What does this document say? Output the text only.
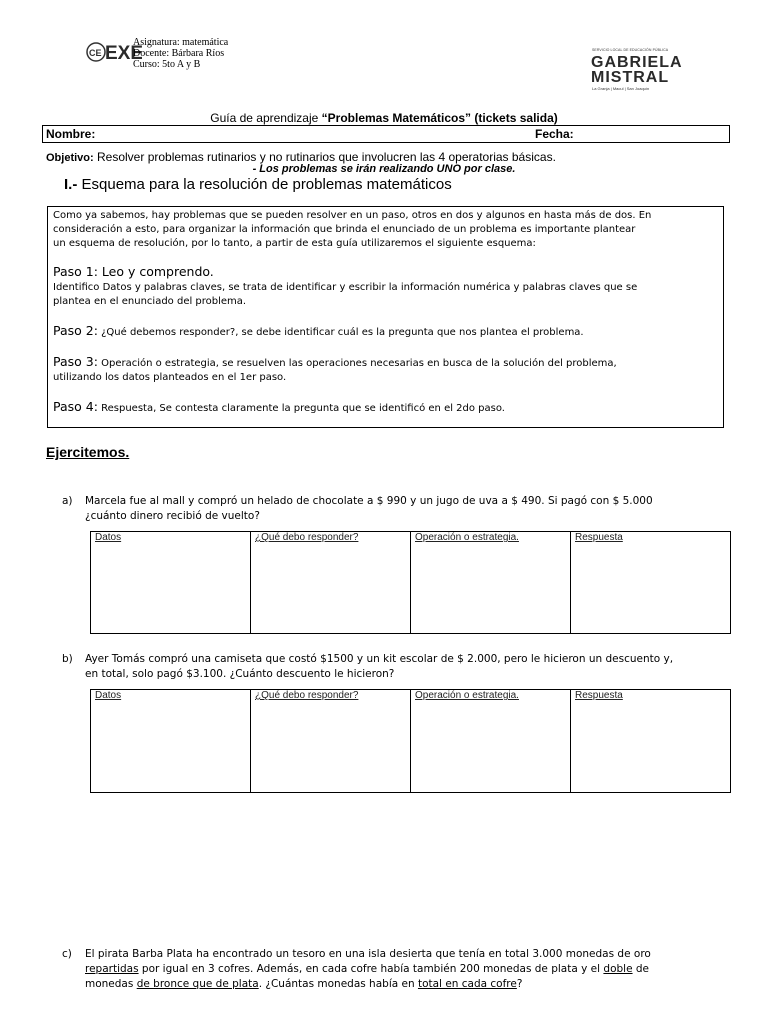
CE EXE
Asignatura: matemática
Docente: Bárbara Ríos
Curso: 5to A y B
SERVICIO LOCAL DE EDUCACIÓN PÚBLICA
GABRIELA
MISTRAL
La Granja | Macul | San Joaquín
Guía de aprendizaje “Problemas Matemáticos” (tickets salida)
Nombre:	Fecha:
Objetivo: Resolver problemas rutinarios y no rutinarios que involucren las 4 operatorias básicas.
- Los problemas se irán realizando UNO por clase.
I.- Esquema para la resolución de problemas matemáticos
Como ya sabemos, hay problemas que se pueden resolver en un paso, otros en dos y algunos en hasta más de dos. En
consideración a esto, para organizar la información que brinda el enunciado de un problema es importante plantear
un esquema de resolución, por lo tanto, a partir de esta guía utilizaremos el siguiente esquema:
Paso 1: Leo y comprendo.
Identifico Datos y palabras claves, se trata de identificar y escribir la información numérica y palabras claves que se
plantea en el enunciado del problema.
Paso 2: ¿Qué debemos responder?, se debe identificar cuál es la pregunta que nos plantea el problema.
Paso 3: Operación o estrategia, se resuelven las operaciones necesarias en busca de la solución del problema,
utilizando los datos planteados en el 1er paso.
Paso 4: Respuesta, Se contesta claramente la pregunta que se identificó en el 2do paso.
Ejercitemos.
a) Marcela fue al mall y compró un helado de chocolate a $ 990 y un jugo de uva a $ 490. Si pagó con $ 5.000
¿cuánto dinero recibió de vuelto?
Datos	¿Qué debo responder?	Operación o estrategia.	Respuesta
b) Ayer Tomás compró una camiseta que costó $1500 y un kit escolar de $ 2.000, pero le hicieron un descuento y,
en total, solo pagó $3.100. ¿Cuánto descuento le hicieron?
Datos	¿Qué debo responder?	Operación o estrategia.	Respuesta
c) El pirata Barba Plata ha encontrado un tesoro en una isla desierta que tenía en total 3.000 monedas de oro
repartidas por igual en 3 cofres. Además, en cada cofre había también 200 monedas de plata y el doble de
monedas de bronce que de plata. ¿Cuántas monedas había en total en cada cofre?
